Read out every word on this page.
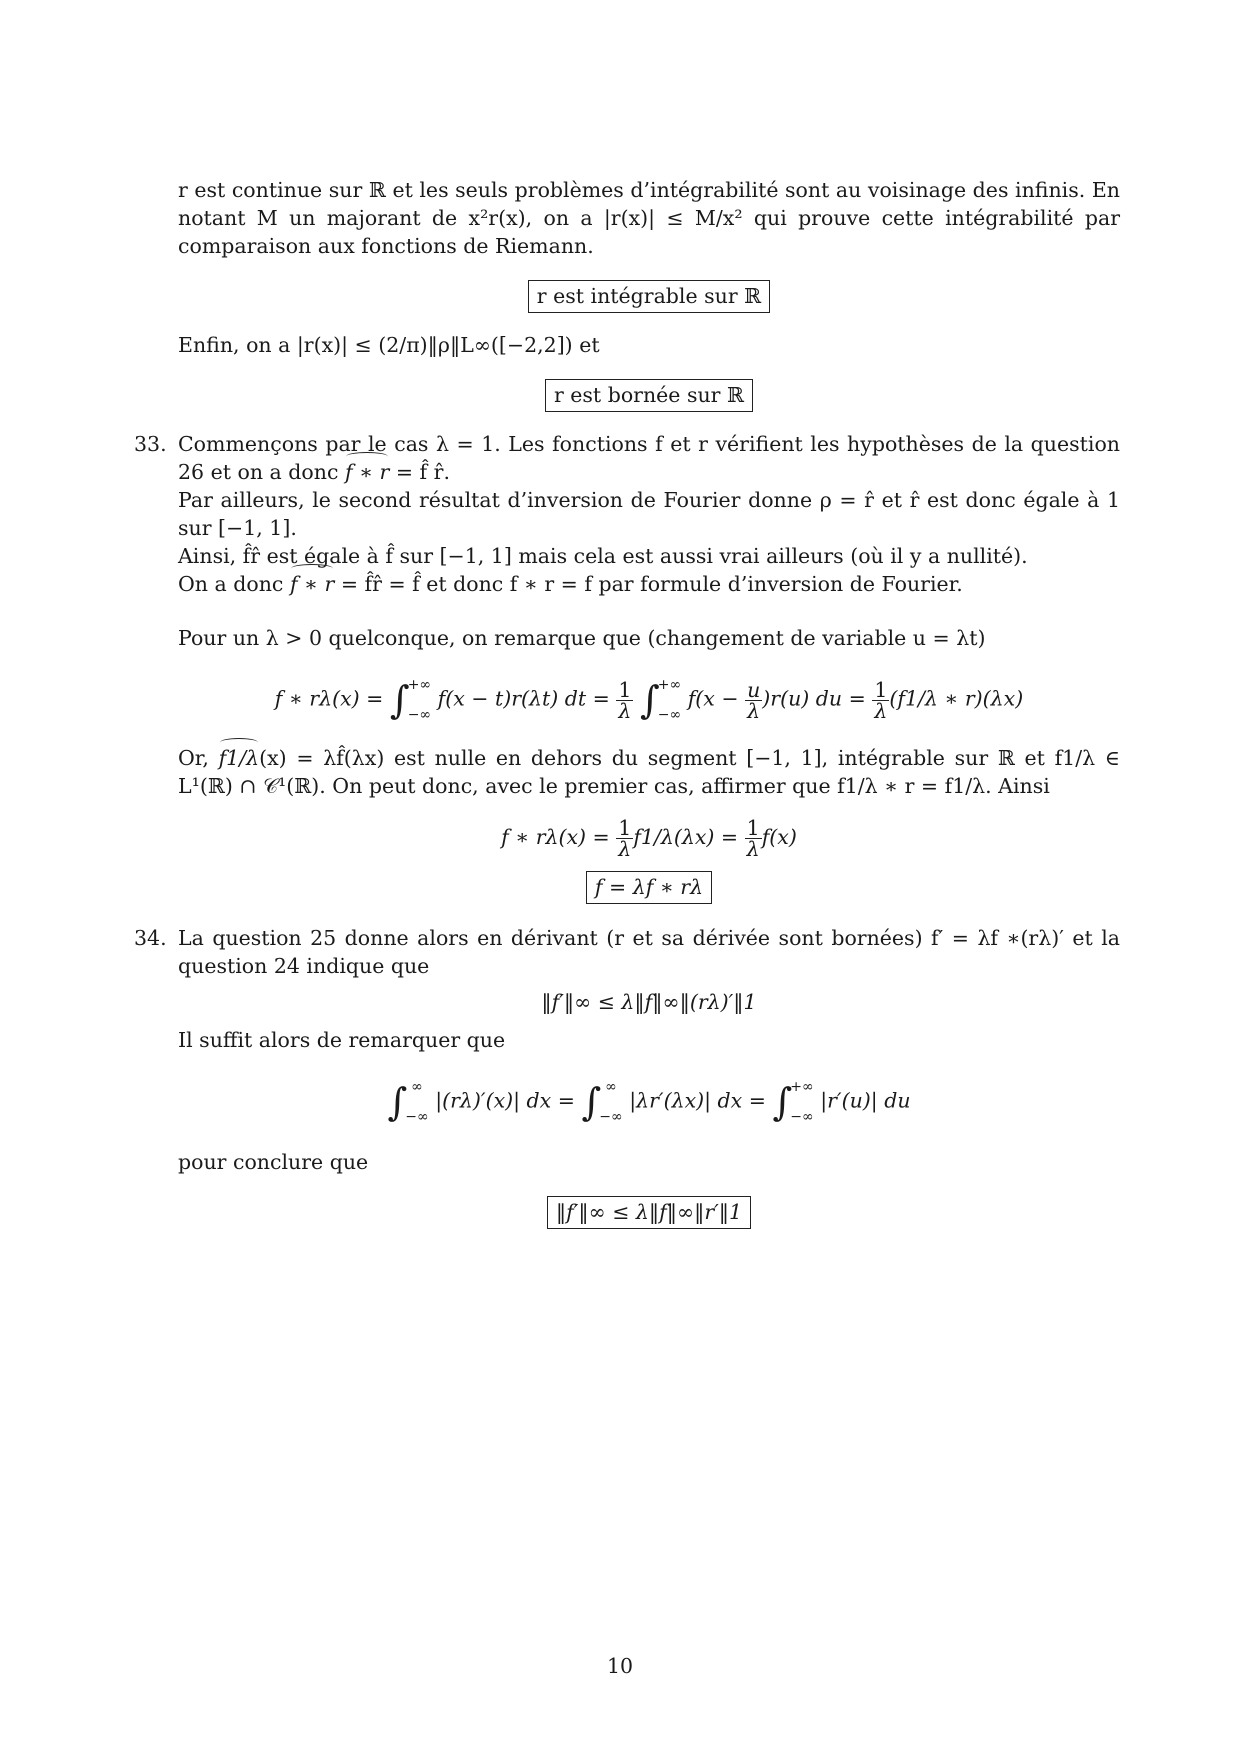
r est continue sur ℝ et les seuls problèmes d’intégrabilité sont au voisinage des infinis. En notant M un majorant de x²r(x), on a |r(x)| ≤ M/x² qui prouve cette intégrabilité par comparaison aux fonctions de Riemann.

r est intégrable sur ℝ

Enfin, on a |r(x)| ≤ (2/π)‖ρ‖L∞([−2,2]) et

r est bornée sur ℝ
33. Commençons par le cas λ = 1. Les fonctions f et r vérifient les hypothèses de la question 26 et on a donc f ∗ r = f̂ r̂.

Par ailleurs, le second résultat d’inversion de Fourier donne ρ = r̂ et r̂ est donc égale à 1 sur [−1, 1].

Ainsi, f̂r̂ est égale à f̂ sur [−1, 1] mais cela est aussi vrai ailleurs (où il y a nullité).

On a donc f ∗ r = f̂r̂ = f̂ et donc f ∗ r = f par formule d’inversion de Fourier.

Pour un λ > 0 quelconque, on remarque que (changement de variable u = λt)

f ∗ rλ(x) = ∫
+∞
−∞
f(x − t)r(λt) dt = $\frac{1}{\lambda}$ ∫
+∞
−∞
$f(x - \frac{u}{\lambda} )r(u)$ du = $\frac{1}{\lambda} (f1/\lambda$ ∗ r)(λx)

Or, f1/λ(x) = λf̂(λx) est nulle en dehors du segment [−1, 1], intégrable sur ℝ et f1/λ ∈ L¹(ℝ) ∩ 𝒞¹(ℝ). On peut donc, avec le premier cas, affirmer que f1/λ ∗ r = f1/λ. Ainsi

f ∗ $r\lambda(x) = \frac{1}{\lambda} f1/\lambda(\lambda x) = \frac{1}{\lambda} f(x)$
f = λf ∗ rλ
34. La question 25 donne alors en dérivant (r et sa dérivée sont bornées) f′ = λf ∗(rλ)′ et la question 24 indique que

‖f′‖∞ ≤ λ‖f‖∞‖(rλ)′‖1

Il suffit alors de remarquer que

∫ ∞
−∞
|(rλ)′(x)| dx = ∫ ∞
−∞
|λr′(λx)| dx = ∫
+∞
−∞
|r′(u)| du

pour conclure que

‖f′‖∞ ≤ λ‖f‖∞‖r′‖1
10
